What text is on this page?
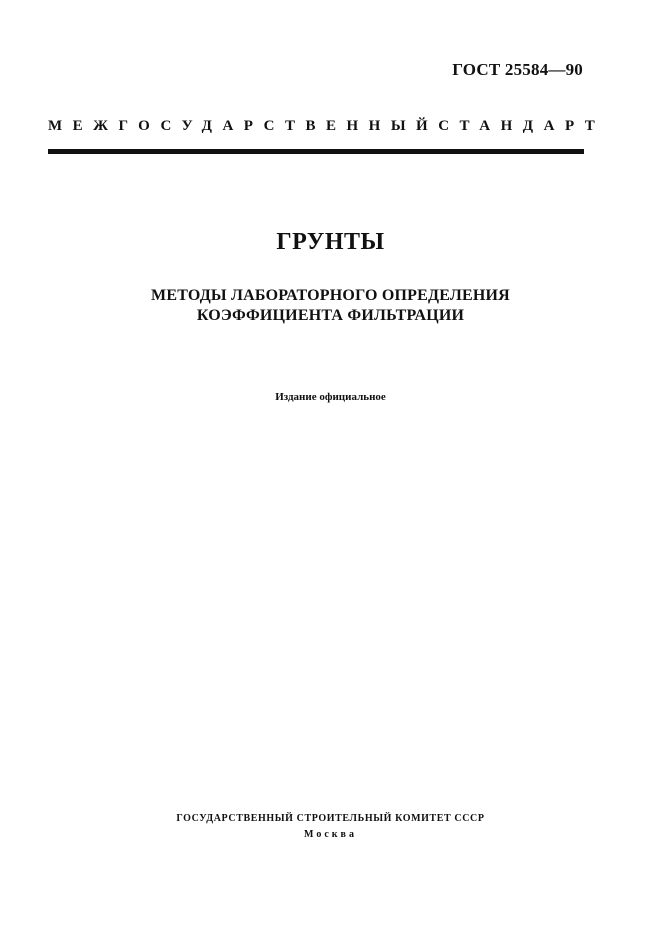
ГОСТ 25584—90
МЕЖГОСУДАРСТВЕННЫЙ СТАНДАРТ
ГРУНТЫ
МЕТОДЫ ЛАБОРАТОРНОГО ОПРЕДЕЛЕНИЯ
КОЭФФИЦИЕНТА ФИЛЬТРАЦИИ
Издание официальное
ГОСУДАРСТВЕННЫЙ СТРОИТЕЛЬНЫЙ КОМИТЕТ СССР
Москва
